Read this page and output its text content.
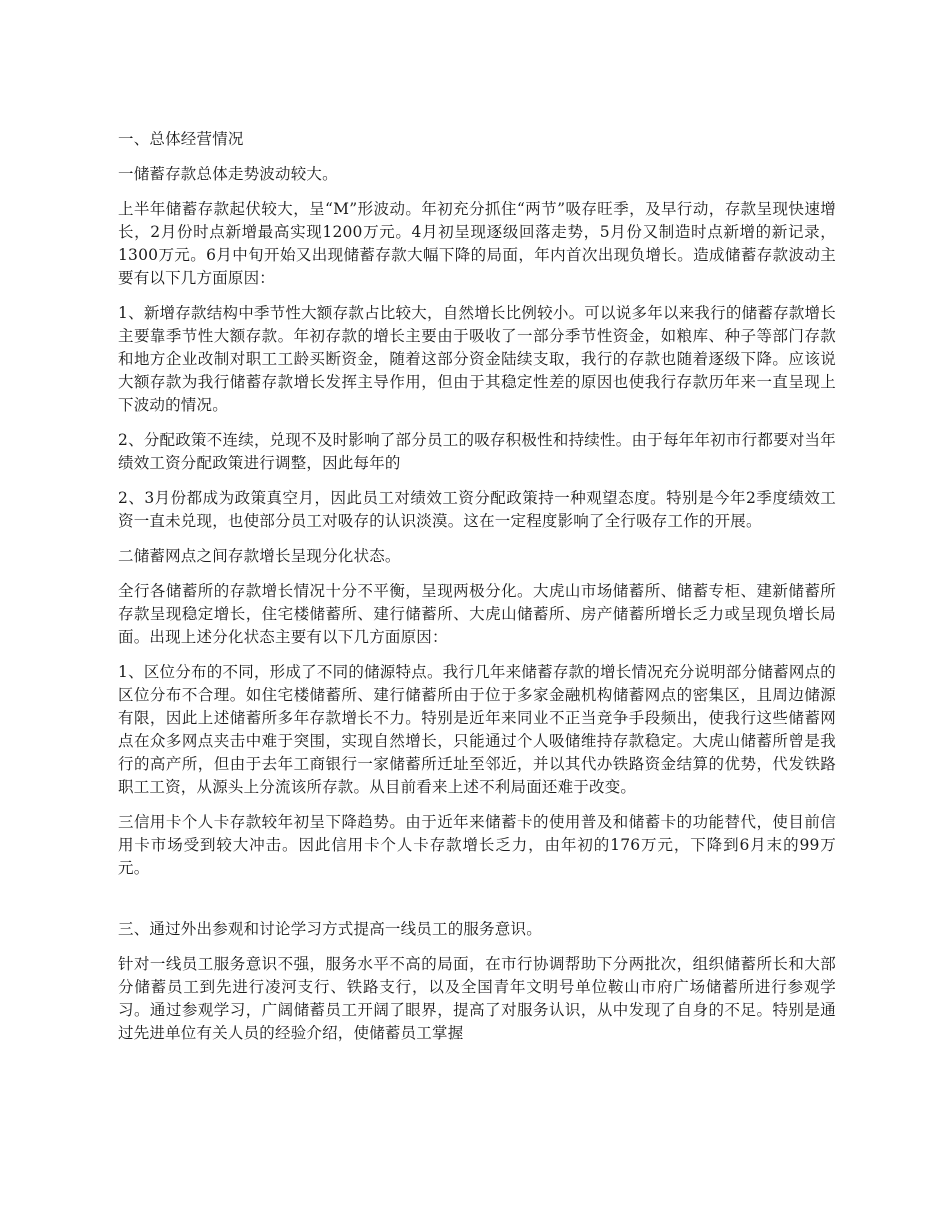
一、总体经营情况

一储蓄存款总体走势波动较大。

上半年储蓄存款起伏较大，呈“M”形波动。年初充分抓住“两节”吸存旺季，及早行动，存款呈现快速增长，2月份时点新增最高实现1200万元。4月初呈现逐级回落走势，5月份又制造时点新增的新记录，1300万元。6月中旬开始又出现储蓄存款大幅下降的局面，年内首次出现负增长。造成储蓄存款波动主要有以下几方面原因：

1、新增存款结构中季节性大额存款占比较大，自然增长比例较小。可以说多年以来我行的储蓄存款增长主要靠季节性大额存款。年初存款的增长主要由于吸收了一部分季节性资金，如粮库、种子等部门存款和地方企业改制对职工工龄买断资金，随着这部分资金陆续支取，我行的存款也随着逐级下降。应该说大额存款为我行储蓄存款增长发挥主导作用，但由于其稳定性差的原因也使我行存款历年来一直呈现上下波动的情况。

2、分配政策不连续，兑现不及时影响了部分员工的吸存积极性和持续性。由于每年年初市行都要对当年绩效工资分配政策进行调整，因此每年的

2、3月份都成为政策真空月，因此员工对绩效工资分配政策持一种观望态度。特别是今年2季度绩效工资一直未兑现，也使部分员工对吸存的认识淡漠。这在一定程度影响了全行吸存工作的开展。

二储蓄网点之间存款增长呈现分化状态。

全行各储蓄所的存款增长情况十分不平衡，呈现两极分化。大虎山市场储蓄所、储蓄专柜、建新储蓄所存款呈现稳定增长，住宅楼储蓄所、建行储蓄所、大虎山储蓄所、房产储蓄所增长乏力或呈现负增长局面。出现上述分化状态主要有以下几方面原因：

1、区位分布的不同，形成了不同的储源特点。我行几年来储蓄存款的增长情况充分说明部分储蓄网点的区位分布不合理。如住宅楼储蓄所、建行储蓄所由于位于多家金融机构储蓄网点的密集区，且周边储源有限，因此上述储蓄所多年存款增长不力。特别是近年来同业不正当竞争手段频出，使我行这些储蓄网点在众多网点夹击中难于突围，实现自然增长，只能通过个人吸储维持存款稳定。大虎山储蓄所曾是我行的高产所，但由于去年工商银行一家储蓄所迁址至邻近，并以其代办铁路资金结算的优势，代发铁路职工工资，从源头上分流该所存款。从目前看来上述不利局面还难于改变。

三信用卡个人卡存款较年初呈下降趋势。由于近年来储蓄卡的使用普及和储蓄卡的功能替代，使目前信用卡市场受到较大冲击。因此信用卡个人卡存款增长乏力，由年初的176万元，下降到6月末的99万元。

三、通过外出参观和讨论学习方式提高一线员工的服务意识。

针对一线员工服务意识不强，服务水平不高的局面，在市行协调帮助下分两批次，组织储蓄所长和大部分储蓄员工到先进行凌河支行、铁路支行，以及全国青年文明号单位鞍山市府广场储蓄所进行参观学习。通过参观学习，广阔储蓄员工开阔了眼界，提高了对服务认识，从中发现了自身的不足。特别是通过先进单位有关人员的经验介绍，使储蓄员工掌握
